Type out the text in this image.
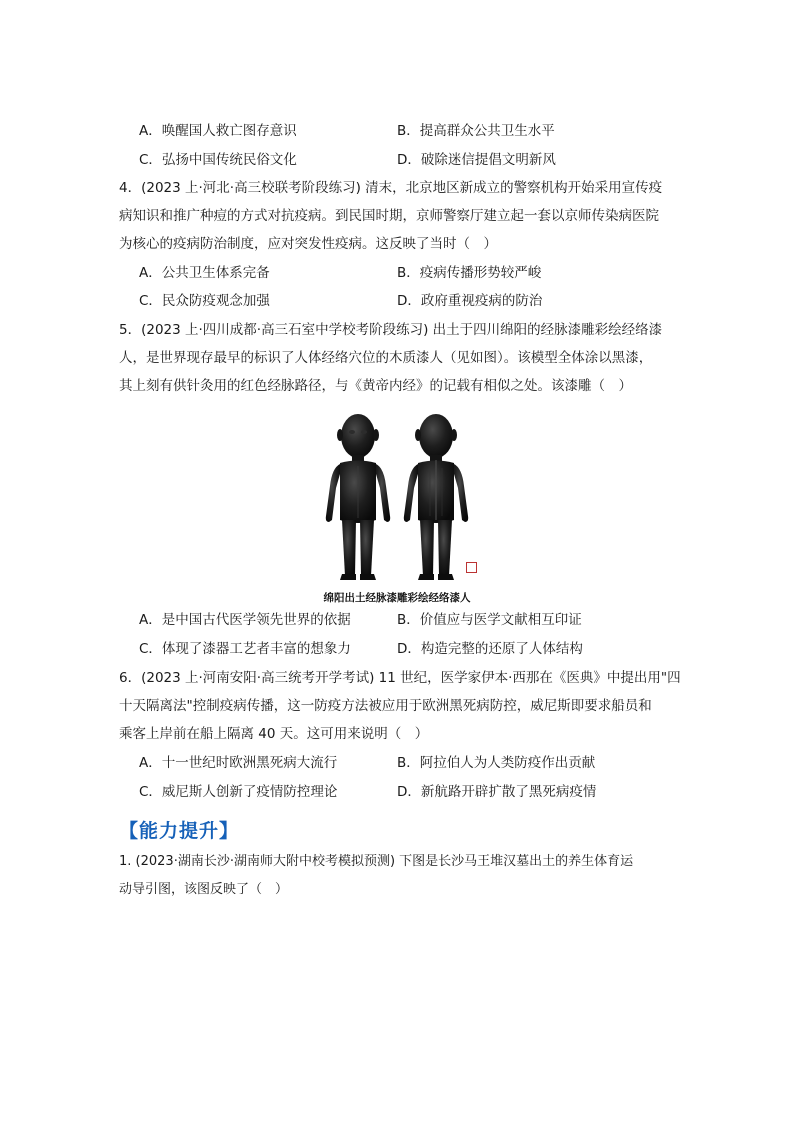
A．唤醒国人救亡图存意识	B．提高群众公共卫生水平
C．弘扬中国传统民俗文化	D．破除迷信提倡文明新风
4．(2023 上·河北·高三校联考阶段练习) 清末，北京地区新成立的警察机构开始采用宣传疫
病知识和推广种痘的方式对抗疫病。到民国时期，京师警察厅建立起一套以京师传染病医院
为核心的疫病防治制度，应对突发性疫病。这反映了当时（　）
A．公共卫生体系完备	B．疫病传播形势较严峻
C．民众防疫观念加强	D．政府重视疫病的防治
5．(2023 上·四川成都·高三石室中学校考阶段练习) 出土于四川绵阳的经脉漆雕彩绘经络漆
人，是世界现存最早的标识了人体经络穴位的木质漆人（见如图）。该模型全体涂以黑漆，
其上刻有供针灸用的红色经脉路径，与《黄帝内经》的记载有相似之处。该漆雕（　）
绵阳出土经脉漆雕彩绘经络漆人
A．是中国古代医学领先世界的依据	B．价值应与医学文献相互印证
C．体现了漆器工艺者丰富的想象力	D．构造完整的还原了人体结构
6．(2023 上·河南安阳·高三统考开学考试) 11 世纪，医学家伊本·西那在《医典》中提出用"四
十天隔离法"控制疫病传播，这一防疫方法被应用于欧洲黑死病防控，威尼斯即要求船员和
乘客上岸前在船上隔离 40 天。这可用来说明（　）
A．十一世纪时欧洲黑死病大流行	B．阿拉伯人为人类防疫作出贡献
C．威尼斯人创新了疫情防控理论	D．新航路开辟扩散了黑死病疫情
【能力提升】
1. (2023·湖南长沙·湖南师大附中校考模拟预测) 下图是长沙马王堆汉墓出土的养生体育运
动导引图，该图反映了（　）
